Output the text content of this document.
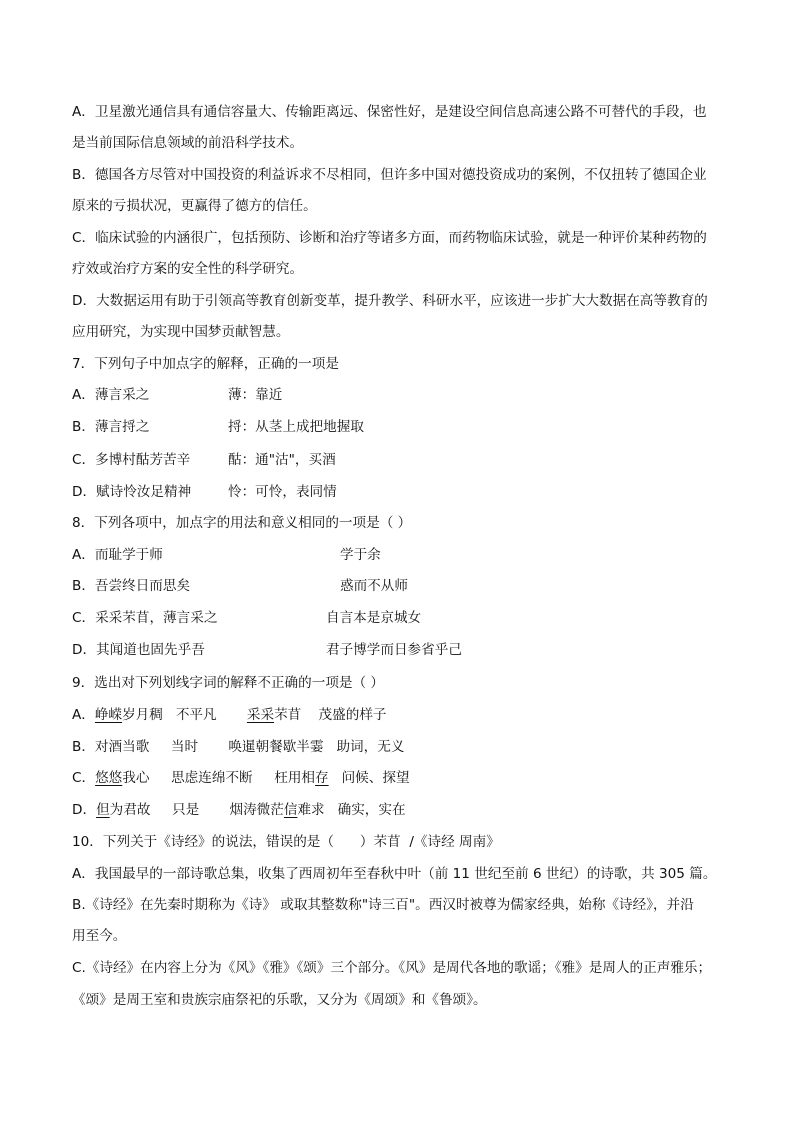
A．卫星激光通信具有通信容量大、传输距离远、保密性好，是建设空间信息高速公路不可替代的手段，也
是当前国际信息领域的前沿科学技术。
B．德国各方尽管对中国投资的利益诉求不尽相同，但许多中国对德投资成功的案例，不仅扭转了德国企业
原来的亏损状况，更赢得了德方的信任。
C．临床试验的内涵很广，包括预防、诊断和治疗等诸多方面，而药物临床试验，就是一种评价某种药物的
疗效或治疗方案的安全性的科学研究。
D．大数据运用有助于引领高等教育创新变革，提升教学、科研水平，应该进一步扩大大数据在高等教育的
应用研究，为实现中国梦贡献智慧。
7．下列句子中加点字的解释，正确的一项是
A．薄言采之	薄：靠近
B．薄言捋之	捋：从茎上成把地握取
C．多博村酤芳苦辛	酤：通"沽"，买酒
D．赋诗怜汝足精神	怜：可怜，表同情
8．下列各项中，加点字的用法和意义相同的一项是（ ）
A．而耻学于师	学于余
B．吾尝终日而思矣	惑而不从师
C．采采芣苜，薄言采之	自言本是京城女
D．其闻道也固先乎吾	君子博学而日参省乎己
9．选出对下列划线字词的解释不正确的一项是（ ）
A．峥嵘岁月稠   不平凡       采采芣苜    茂盛的样子
B．对酒当歌     当时       唤暹朝餐歇半霎   助词，无义
C．悠悠我心     思虑连绵不断     枉用相存   问候、探望
D．但为君故     只是       烟涛微茫信难求   确实，实在
10．下列关于《诗经》的说法，错误的是（      ）芣苜  /《诗经 周南》
A．我国最早的一部诗歌总集，收集了西周初年至春秋中叶（前 11 世纪至前 6 世纪）的诗歌，共 305 篇。
B.《诗经》在先秦时期称为《诗》 或取其整数称"诗三百"。西汉时被尊为儒家经典，始称《诗经》，并沿
用至今。
C.《诗经》在内容上分为《风》《雅》《颂》三个部分。《风》是周代各地的歌谣；《雅》是周人的正声雅乐；
《颂》是周王室和贵族宗庙祭祀的乐歌，又分为《周颂》和《鲁颂》。
